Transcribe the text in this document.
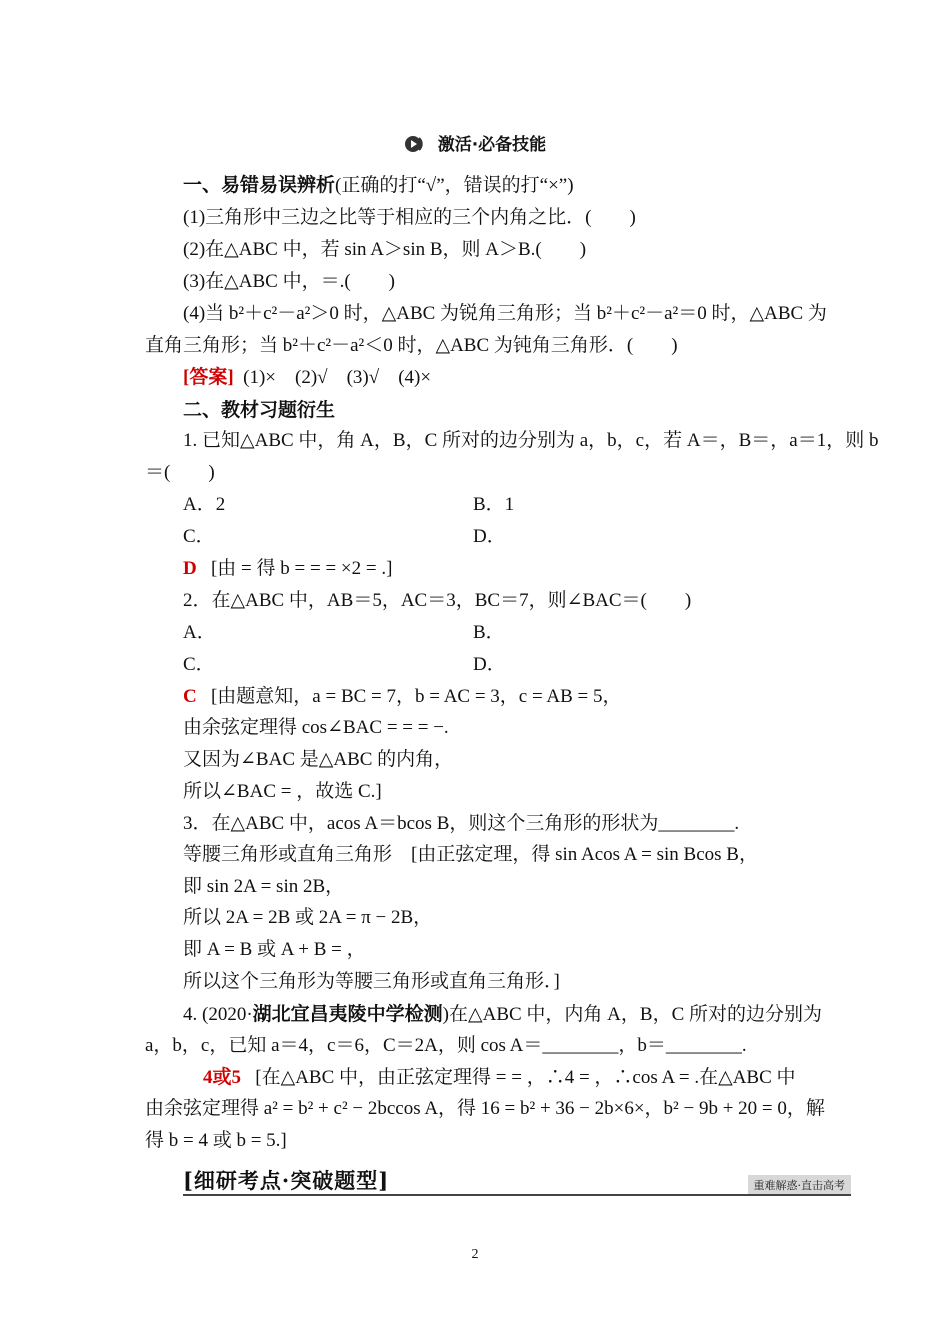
激活·必备技能
一、易错易误辨析(正确的打“√”，错误的打“×”)
(1)三角形中三边之比等于相应的三个内角之比．(　　)
(2)在△ABC 中，若 sin A＞sin B，则 A＞B.(　　)
(3)在△ABC 中，＝.(　　)
(4)当 b²＋c²－a²＞0 时，△ABC 为锐角三角形；当 b²＋c²－a²＝0 时，△ABC 为
直角三角形；当 b²＋c²－a²＜0 时，△ABC 为钝角三角形．(　　)
[答案] (1)×　(2)√　(3)√　(4)×
二、教材习题衍生
1. 已知△ABC 中，角 A，B，C 所对的边分别为 a，b，c，若 A＝，B＝，a＝1，则 b
＝(　　)
A．2	B．1
C．	D．
D [由 = 得 b = = = ×2 = .]
2．在△ABC 中，AB＝5，AC＝3，BC＝7，则∠BAC＝(　　)
A．	B．
C．	D．
C [由题意知，a = BC = 7，b = AC = 3，c = AB = 5，
由余弦定理得 cos∠BAC = = = −.
又因为∠BAC 是△ABC 的内角，
所以∠BAC = ，故选 C.]
3．在△ABC 中，acos A＝bcos B，则这个三角形的形状为________.
等腰三角形或直角三角形 [由正弦定理，得 sin Acos A = sin Bcos B，
即 sin 2A = sin 2B，
所以 2A = 2B 或 2A = π − 2B，
即 A = B 或 A + B = ，
所以这个三角形为等腰三角形或直角三角形．]
4. (2020·湖北宜昌夷陵中学检测)在△ABC 中，内角 A，B，C 所对的边分别为
a，b，c，已知 a＝4，c＝6，C＝2A，则 cos A＝________，b＝________.
4或5 [在△ABC 中，由正弦定理得 = = ，∴4 = ，∴cos A = .在△ABC 中
由余弦定理得 a² = b² + c² − 2bccos A，得 16 = b² + 36 − 2b×6×，b² − 9b + 20 = 0，解
得 b = 4 或 b = 5.]
[细研考点·突破题型]	重难解惑·直击高考
2
